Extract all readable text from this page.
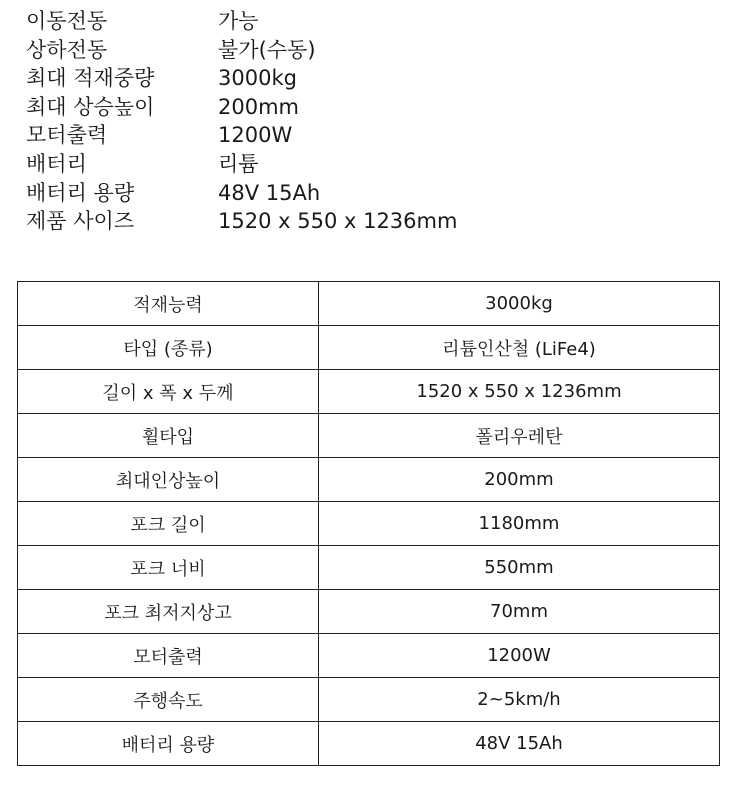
이동전동	가능
상하전동	불가(수동)
최대 적재중량	3000kg
최대 상승높이	200mm
모터출력	1200W
배터리	리튬
배터리 용량	48V 15Ah
제품 사이즈	1520 x 550 x 1236mm
적재능력	3000kg
타입 (종류)	리튬인산철 (LiFe4)
길이 x 폭 x 두께	1520 x 550 x 1236mm
휠타입	폴리우레탄
최대인상높이	200mm
포크 길이	1180mm
포크 너비	550mm
포크 최저지상고	70mm
모터출력	1200W
주행속도	2~5km/h
배터리 용량	48V 15Ah
